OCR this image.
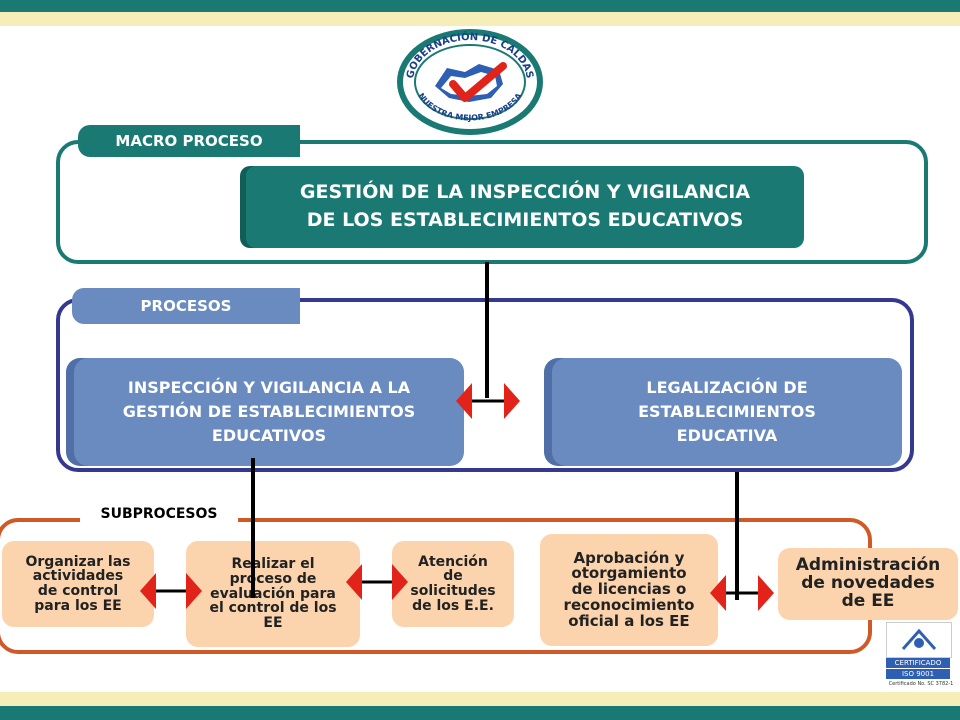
GOBERNACIÓN DE CALDAS
NUESTRA MEJOR EMPRESA
MACRO PROCESO
GESTIÓN DE LA INSPECCIÓN Y VIGILANCIA
DE LOS ESTABLECIMIENTOS EDUCATIVOS
PROCESOS
INSPECCIÓN Y VIGILANCIA A LA
GESTIÓN DE ESTABLECIMIENTOS
EDUCATIVOS
LEGALIZACIÓN DE
ESTABLECIMIENTOS
EDUCATIVA
SUBPROCESOS
Organizar las
actividades
de control
para los EE
Realizar el
proceso de
evaluación para
el control de los
EE
Atención
de
solicitudes
de los E.E.
Aprobación y
otorgamiento
de licencias o
reconocimiento
oficial a los EE
Administración
de novedades
de EE
CERTIFICADO
ISO 9001
Certificado No. SC 3782-1
